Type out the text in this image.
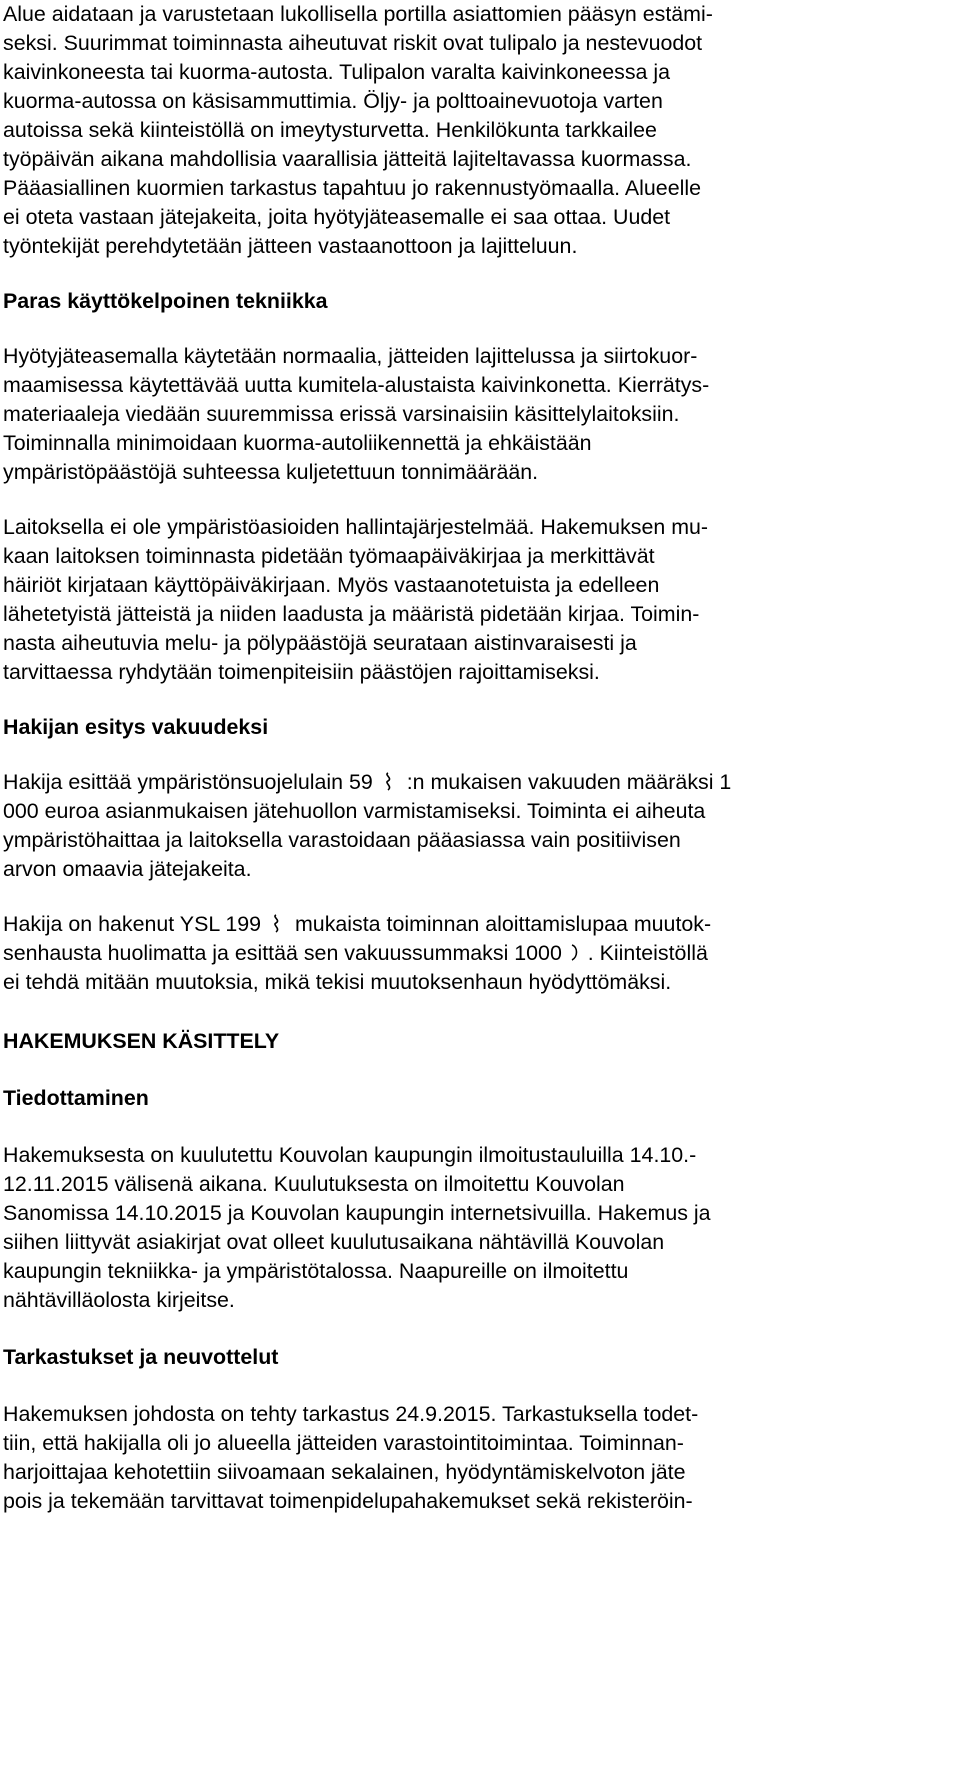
Alue aidataan ja varustetaan lukollisella portilla asiattomien pääsyn estämi-
seksi. Suurimmat toiminnasta aiheutuvat riskit ovat tulipalo ja nestevuodot
kaivinkoneesta tai kuorma-autosta. Tulipalon varalta kaivinkoneessa ja
kuorma-autossa on käsisammuttimia. Öljy- ja polttoainevuotoja varten
autoissa sekä kiinteistöllä on imeytysturvetta. Henkilökunta tarkkailee
työpäivän aikana mahdollisia vaarallisia jätteitä lajiteltavassa kuormassa.
Pääasiallinen kuormien tarkastus tapahtuu jo rakennustyömaalla. Alueelle
ei oteta vastaan jätejakeita, joita hyötyjäteasemalle ei saa ottaa. Uudet
työntekijät perehdytetään jätteen vastaanottoon ja lajitteluun.
Paras käyttökelpoinen tekniikka
Hyötyjäteasemalla käytetään normaalia, jätteiden lajittelussa ja siirtokuor-
maamisessa käytettävää uutta kumitela-alustaista kaivinkonetta. Kierrätys-
materiaaleja viedään suuremmissa erissä varsinaisiin käsittelylaitoksiin.
Toiminnalla minimoidaan kuorma-autoliikennettä ja ehkäistään
ympäristöpäästöjä suhteessa kuljetettuun tonnimäärään.
Laitoksella ei ole ympäristöasioiden hallintajärjestelmää. Hakemuksen mu-
kaan laitoksen toiminnasta pidetään työmaapäiväkirjaa ja merkittävät
häiriöt kirjataan käyttöpäiväkirjaan. Myös vastaanotetuista ja edelleen
lähetetyistä jätteistä ja niiden laadusta ja määristä pidetään kirjaa. Toimin-
nasta aiheutuvia melu- ja pölypäästöjä seurataan aistinvaraisesti ja
tarvittaessa ryhdytään toimenpiteisiin päästöjen rajoittamiseksi.
Hakijan esitys vakuudeksi
Hakija esittää ympäristönsuojelulain 59 :n mukaisen vakuuden määräksi 1
000 euroa asianmukaisen jätehuollon varmistamiseksi. Toiminta ei aiheuta
ympäristöhaittaa ja laitoksella varastoidaan pääasiassa vain positiivisen
arvon omaavia jätejakeita.
Hakija on hakenut YSL 199 mukaista toiminnan aloittamislupaa muutok-
senhausta huolimatta ja esittää sen vakuussummaksi 1000 . Kiinteistöllä
ei tehdä mitään muutoksia, mikä tekisi muutoksenhaun hyödyttömäksi.
HAKEMUKSEN KÄSITTELY
Tiedottaminen
Hakemuksesta on kuulutettu Kouvolan kaupungin ilmoitustauluilla 14.10.-
12.11.2015 välisenä aikana. Kuulutuksesta on ilmoitettu Kouvolan
Sanomissa 14.10.2015 ja Kouvolan kaupungin internetsivuilla. Hakemus ja
siihen liittyvät asiakirjat ovat olleet kuulutusaikana nähtävillä Kouvolan
kaupungin tekniikka- ja ympäristötalossa. Naapureille on ilmoitettu
nähtävilläolosta kirjeitse.
Tarkastukset ja neuvottelut
Hakemuksen johdosta on tehty tarkastus 24.9.2015. Tarkastuksella todet-
tiin, että hakijalla oli jo alueella jätteiden varastointitoimintaa. Toiminnan-
harjoittajaa kehotettiin siivoamaan sekalainen, hyödyntämiskelvoton jäte
pois ja tekemään tarvittavat toimenpidelupahakemukset sekä rekisteröin-
